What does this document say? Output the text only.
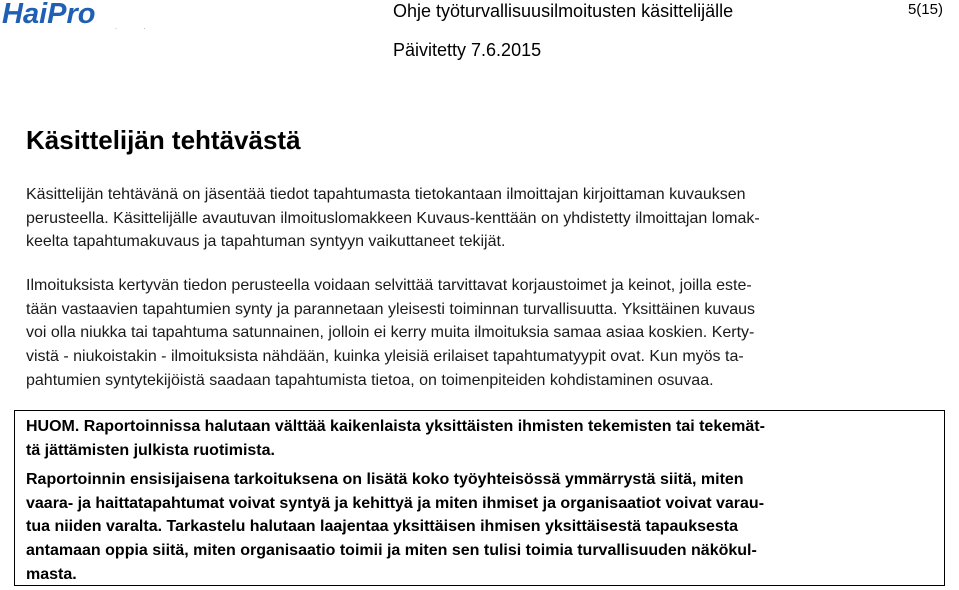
HaiPro . .
Ohje työturvallisuusilmoitusten käsittelijälle	5(15)
Päivitetty 7.6.2015
Käsittelijän tehtävästä

Käsittelijän tehtävänä on jäsentää tiedot tapahtumasta tietokantaan ilmoittajan kirjoittaman kuvauksen
perusteella. Käsittelijälle avautuvan ilmoituslomakkeen Kuvaus-kenttään on yhdistetty ilmoittajan lomak-
keelta tapahtumakuvaus ja tapahtuman syntyyn vaikuttaneet tekijät.

Ilmoituksista kertyvän tiedon perusteella voidaan selvittää tarvittavat korjaustoimet ja keinot, joilla este-
tään vastaavien tapahtumien synty ja parannetaan yleisesti toiminnan turvallisuutta. Yksittäinen kuvaus
voi olla niukka tai tapahtuma satunnainen, jolloin ei kerry muita ilmoituksia samaa asiaa koskien. Kerty-
vistä - niukoistakin - ilmoituksista nähdään, kuinka yleisiä erilaiset tapahtumatyypit ovat. Kun myös ta-
pahtumien syntytekijöistä saadaan tapahtumista tietoa, on toimenpiteiden kohdistaminen osuvaa.

HUOM. Raportoinnissa halutaan välttää kaikenlaista yksittäisten ihmisten tekemisten tai tekemät-
tä jättämisten julkista ruotimista.

Raportoinnin ensisijaisena tarkoituksena on lisätä koko työyhteisössä ymmärrystä siitä, miten
vaara- ja haittatapahtumat voivat syntyä ja kehittyä ja miten ihmiset ja organisaatiot voivat varau-
tua niiden varalta. Tarkastelu halutaan laajentaa yksittäisen ihmisen yksittäisestä tapauksesta
antamaan oppia siitä, miten organisaatio toimii ja miten sen tulisi toimia turvallisuuden näkökul-
masta.
